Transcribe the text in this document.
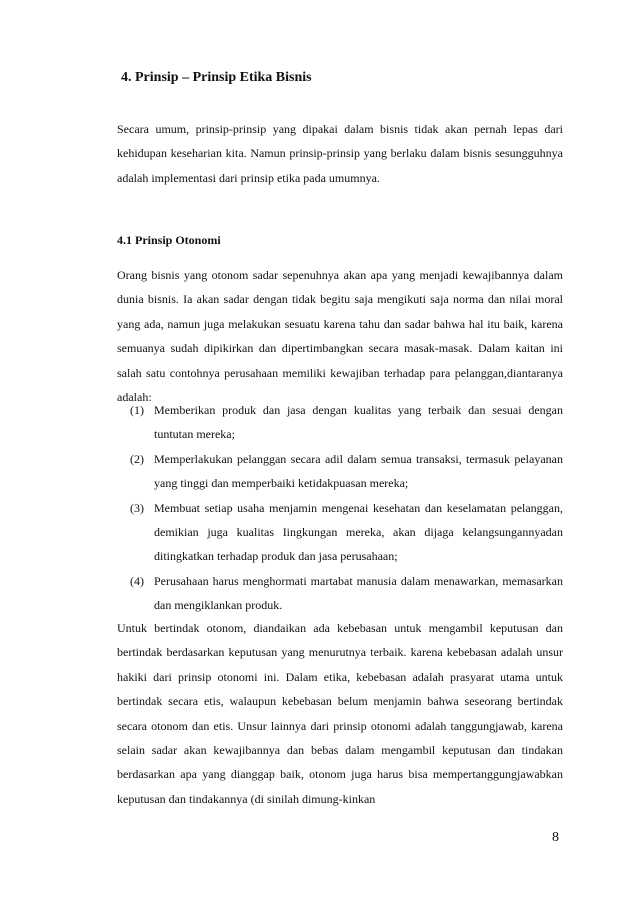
4. Prinsip – Prinsip Etika Bisnis

Secara umum, prinsip-prinsip yang dipakai dalam bisnis tidak akan pernah lepas dari kehidupan keseharian kita. Namun prinsip-prinsip yang berlaku dalam bisnis sesungguhnya adalah implementasi dari prinsip etika pada umumnya.

4.1 Prinsip Otonomi

Orang bisnis yang otonom sadar sepenuhnya akan apa yang menjadi kewajibannya dalam dunia bisnis. Ia akan sadar dengan tidak begitu saja mengikuti saja norma dan nilai moral yang ada, namun juga melakukan sesuatu karena tahu dan sadar bahwa hal itu baik, karena semuanya sudah dipikirkan dan dipertimbangkan secara masak-masak. Dalam kaitan ini salah satu contohnya perusahaan memiliki kewajiban terhadap para pelanggan,diantaranya adalah:

(1) Memberikan produk dan jasa dengan kualitas yang terbaik dan sesuai dengan tuntutan mereka;
(2) Memperlakukan pelanggan secara adil dalam semua transaksi, termasuk pelayanan yang tinggi dan memperbaiki ketidakpuasan mereka;
(3) Membuat setiap usaha menjamin mengenai kesehatan dan keselamatan pelanggan, demikian juga kualitas Iingkungan mereka, akan dijaga kelangsungannyadan ditingkatkan terhadap produk dan jasa perusahaan;
(4) Perusahaan harus menghormati martabat manusia dalam menawarkan, memasarkan dan mengiklankan produk.

Untuk bertindak otonom, diandaikan ada kebebasan untuk mengambil keputusan dan bertindak berdasarkan keputusan yang menurutnya terbaik. karena kebebasan adalah unsur hakiki dari prinsip otonomi ini. Dalam etika, kebebasan adalah prasyarat utama untuk bertindak secara etis, walaupun kebebasan belum menjamin bahwa seseorang bertindak secara otonom dan etis. Unsur lainnya dari prinsip otonomi adalah tanggungjawab, karena selain sadar akan kewajibannya dan bebas dalam mengambil keputusan dan tindakan berdasarkan apa yang dianggap baik, otonom juga harus bisa mempertanggungjawabkan keputusan dan tindakannya (di sinilah dimung-kinkan

8
